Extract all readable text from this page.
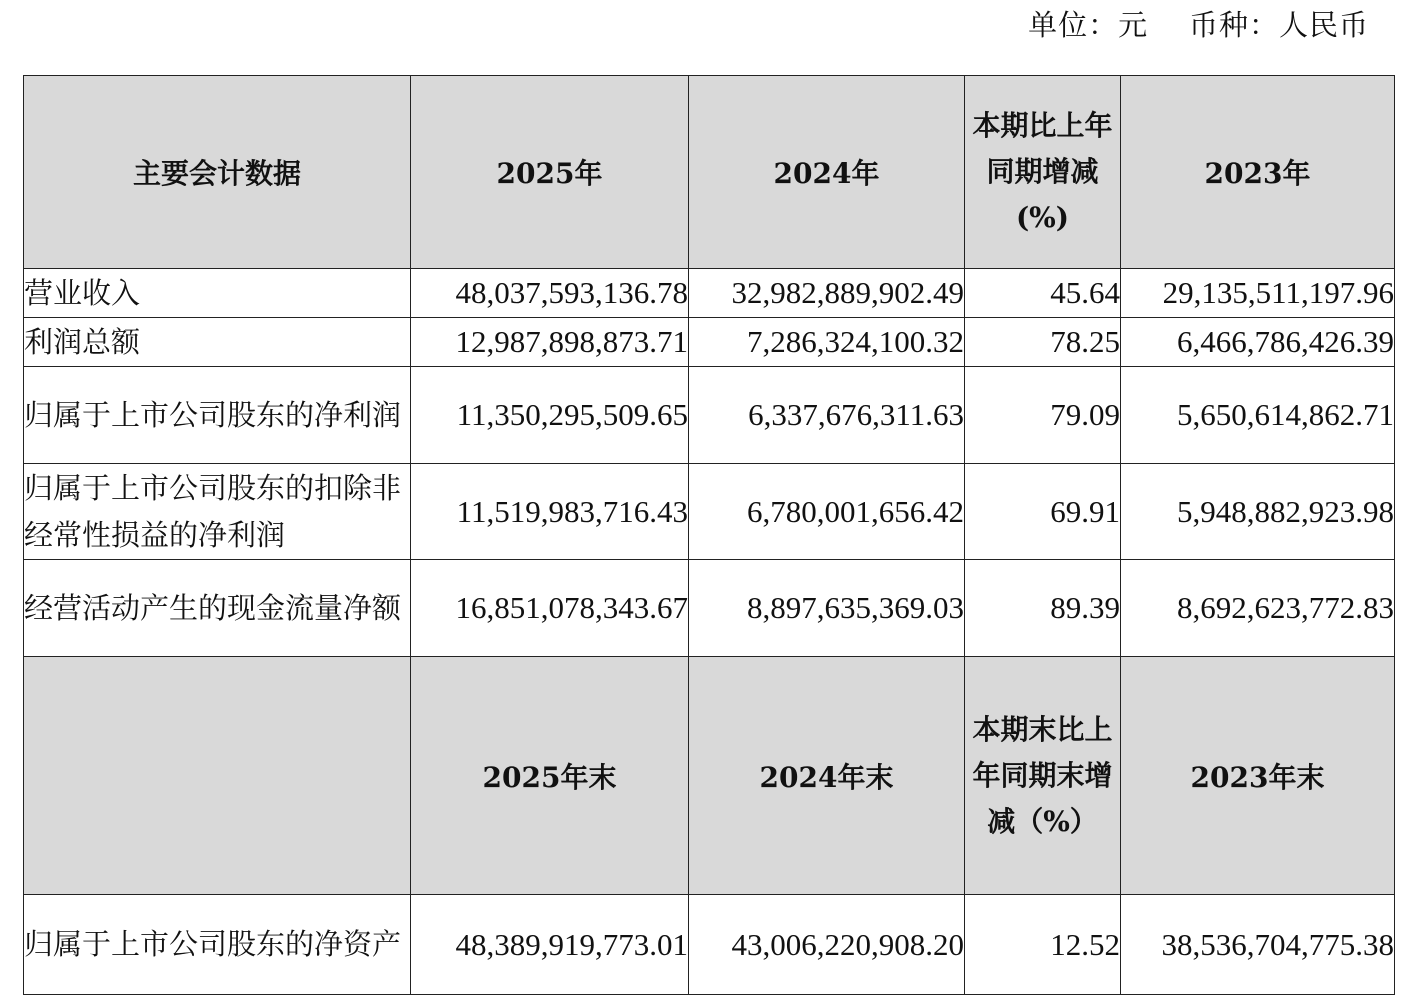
单位：元    币种：人民币
主要会计数据	2025年	2024年	本期比上年同期增减(%)	2023年
营业收入	48,037,593,136.78	32,982,889,902.49	45.64	29,135,511,197.96
利润总额	12,987,898,873.71	7,286,324,100.32	78.25	6,466,786,426.39
归属于上市公司股东的净利润	11,350,295,509.65	6,337,676,311.63	79.09	5,650,614,862.71
归属于上市公司股东的扣除非经常性损益的净利润	11,519,983,716.43	6,780,001,656.42	69.91	5,948,882,923.98
经营活动产生的现金流量净额	16,851,078,343.67	8,897,635,369.03	89.39	8,692,623,772.83
	2025年末	2024年末	本期末比上年同期末增减（%）	2023年末
归属于上市公司股东的净资产	48,389,919,773.01	43,006,220,908.20	12.52	38,536,704,775.38
